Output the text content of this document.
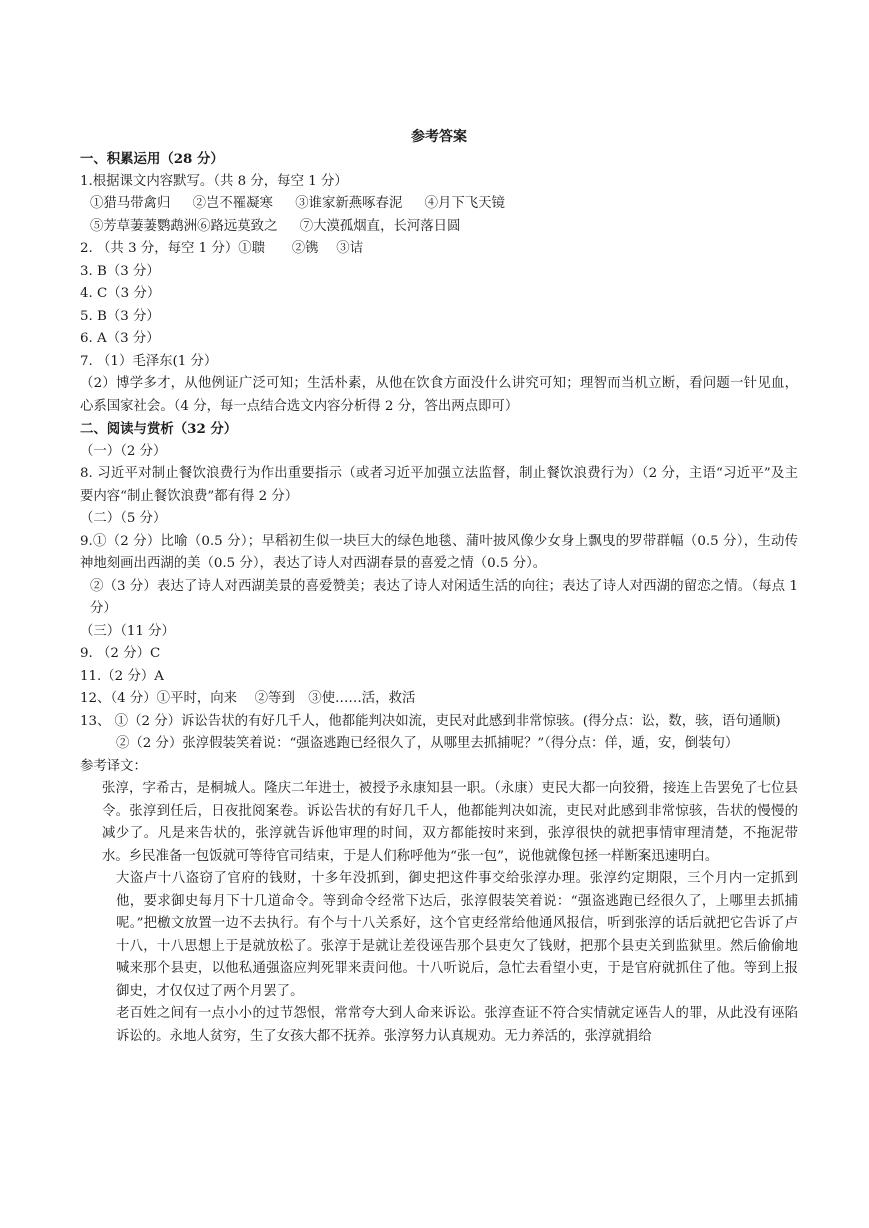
参考答案
一、积累运用（28 分）
1.根据课文内容默写。（共 8 分，每空 1 分）
①猎马带禽归 ②岂不罹凝寒 ③谁家新燕啄春泥 ④月下飞天镜
⑤芳草萋萋鹦鹉洲⑥路远莫致之 ⑦大漠孤烟直，长河落日圆
2. （共 3 分，每空 1 分）①聩　　②镌　 ③诘
3. B（3 分）
4. C（3 分）
5. B（3 分）
6. A（3 分）
7. （1）毛泽东(1 分）
（2）博学多才，从他例证广泛可知；生活朴素，从他在饮食方面没什么讲究可知；理智而当机立断，看问题一针见血，心系国家社会。（4 分，每一点结合选文内容分析得 2 分，答出两点即可）
二、阅读与赏析（32 分）
（一）（2 分）
8. 习近平对制止餐饮浪费行为作出重要指示（或者习近平加强立法监督，制止餐饮浪费行为）（2 分，主语“习近平”及主要内容“制止餐饮浪费”都有得 2 分）
（二）（5 分）
9.①（2 分）比喻（0.5 分）；早稻初生似一块巨大的绿色地毯、蒲叶披风像少女身上飘曳的罗带群幅（0.5 分），生动传神地刻画出西湖的美（0.5 分），表达了诗人对西湖春景的喜爱之情（0.5 分）。
②（3 分）表达了诗人对西湖美景的喜爱赞美；表达了诗人对闲适生活的向往；表达了诗人对西湖的留恋之情。（每点 1 分）
（三）（11 分）
9. （2 分）C
11.（2 分）A
12、（4 分）①平时，向来　 ②等到　③使……活，救活
13、 ①（2 分）诉讼告状的有好几千人，他都能判决如流，吏民对此感到非常惊骇。(得分点：讼，数，骇，语句通顺)
②（2 分）张淳假装笑着说：“强盗逃跑已经很久了，从哪里去抓捕呢？”（得分点：佯，遁，安，倒装句）
参考译文：
张淳，字希古，是桐城人。隆庆二年进士，被授予永康知县一职。（永康）吏民大都一向狡猾，接连上告罢免了七位县令。张淳到任后，日夜批阅案卷。诉讼告状的有好几千人，他都能判决如流，吏民对此感到非常惊骇，告状的慢慢的减少了。凡是来告状的，张淳就告诉他审理的时间，双方都能按时来到，张淳很快的就把事情审理清楚，不拖泥带水。乡民准备一包饭就可等待官司结束，于是人们称呼他为“张一包”，说他就像包拯一样断案迅速明白。
大盗卢十八盗窃了官府的钱财，十多年没抓到，御史把这件事交给张淳办理。张淳约定期限，三个月内一定抓到他，要求御史每月下十几道命令。等到命令经常下达后，张淳假装笑着说：“强盗逃跑已经很久了，上哪里去抓捕呢。”把檄文放置一边不去执行。有个与十八关系好，这个官吏经常给他通风报信，听到张淳的话后就把它告诉了卢十八，十八思想上于是就放松了。张淳于是就让差役诬告那个县吏欠了钱财，把那个县吏关到监狱里。然后偷偷地喊来那个县吏，以他私通强盗应判死罪来责问他。十八听说后，急忙去看望小吏，于是官府就抓住了他。等到上报御史，才仅仅过了两个月罢了。
老百姓之间有一点小小的过节怨恨，常常夸大到人命来诉讼。张淳查证不符合实情就定诬告人的罪，从此没有诬陷诉讼的。永地人贫穷，生了女孩大都不抚养。张淳努力认真规劝。无力养活的，张淳就捐给
